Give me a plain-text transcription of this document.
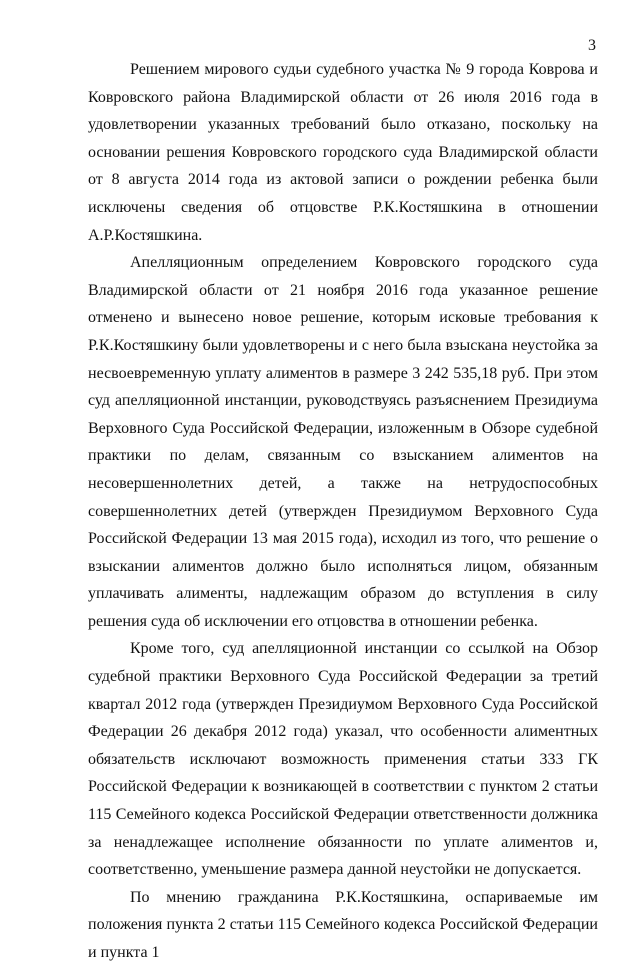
3

Решением мирового судьи судебного участка № 9 города Коврова и Ковровского района Владимирской области от 26 июля 2016 года в удовлетворении указанных требований было отказано, поскольку на основании решения Ковровского городского суда Владимирской области от 8 августа 2014 года из актовой записи о рождении ребенка были исключены сведения об отцовстве Р.К.Костяшкина в отношении А.Р.Костяшкина.

Апелляционным определением Ковровского городского суда Владимирской области от 21 ноября 2016 года указанное решение отменено и вынесено новое решение, которым исковые требования к Р.К.Костяшкину были удовлетворены и с него была взыскана неустойка за несвоевременную уплату алиментов в размере 3 242 535,18 руб. При этом суд апелляционной инстанции, руководствуясь разъяснением Президиума Верховного Суда Российской Федерации, изложенным в Обзоре судебной практики по делам, связанным со взысканием алиментов на несовершеннолетних детей, а также на нетрудоспособных совершеннолетних детей (утвержден Президиумом Верховного Суда Российской Федерации 13 мая 2015 года), исходил из того, что решение о взыскании алиментов должно было исполняться лицом, обязанным уплачивать алименты, надлежащим образом до вступления в силу решения суда об исключении его отцовства в отношении ребенка.

Кроме того, суд апелляционной инстанции со ссылкой на Обзор судебной практики Верховного Суда Российской Федерации за третий квартал 2012 года (утвержден Президиумом Верховного Суда Российской Федерации 26 декабря 2012 года) указал, что особенности алиментных обязательств исключают возможность применения статьи 333 ГК Российской Федерации к возникающей в соответствии с пунктом 2 статьи 115 Семейного кодекса Российской Федерации ответственности должника за ненадлежащее исполнение обязанности по уплате алиментов и, соответственно, уменьшение размера данной неустойки не допускается.

По мнению гражданина Р.К.Костяшкина, оспариваемые им положения пункта 2 статьи 115 Семейного кодекса Российской Федерации и пункта 1
